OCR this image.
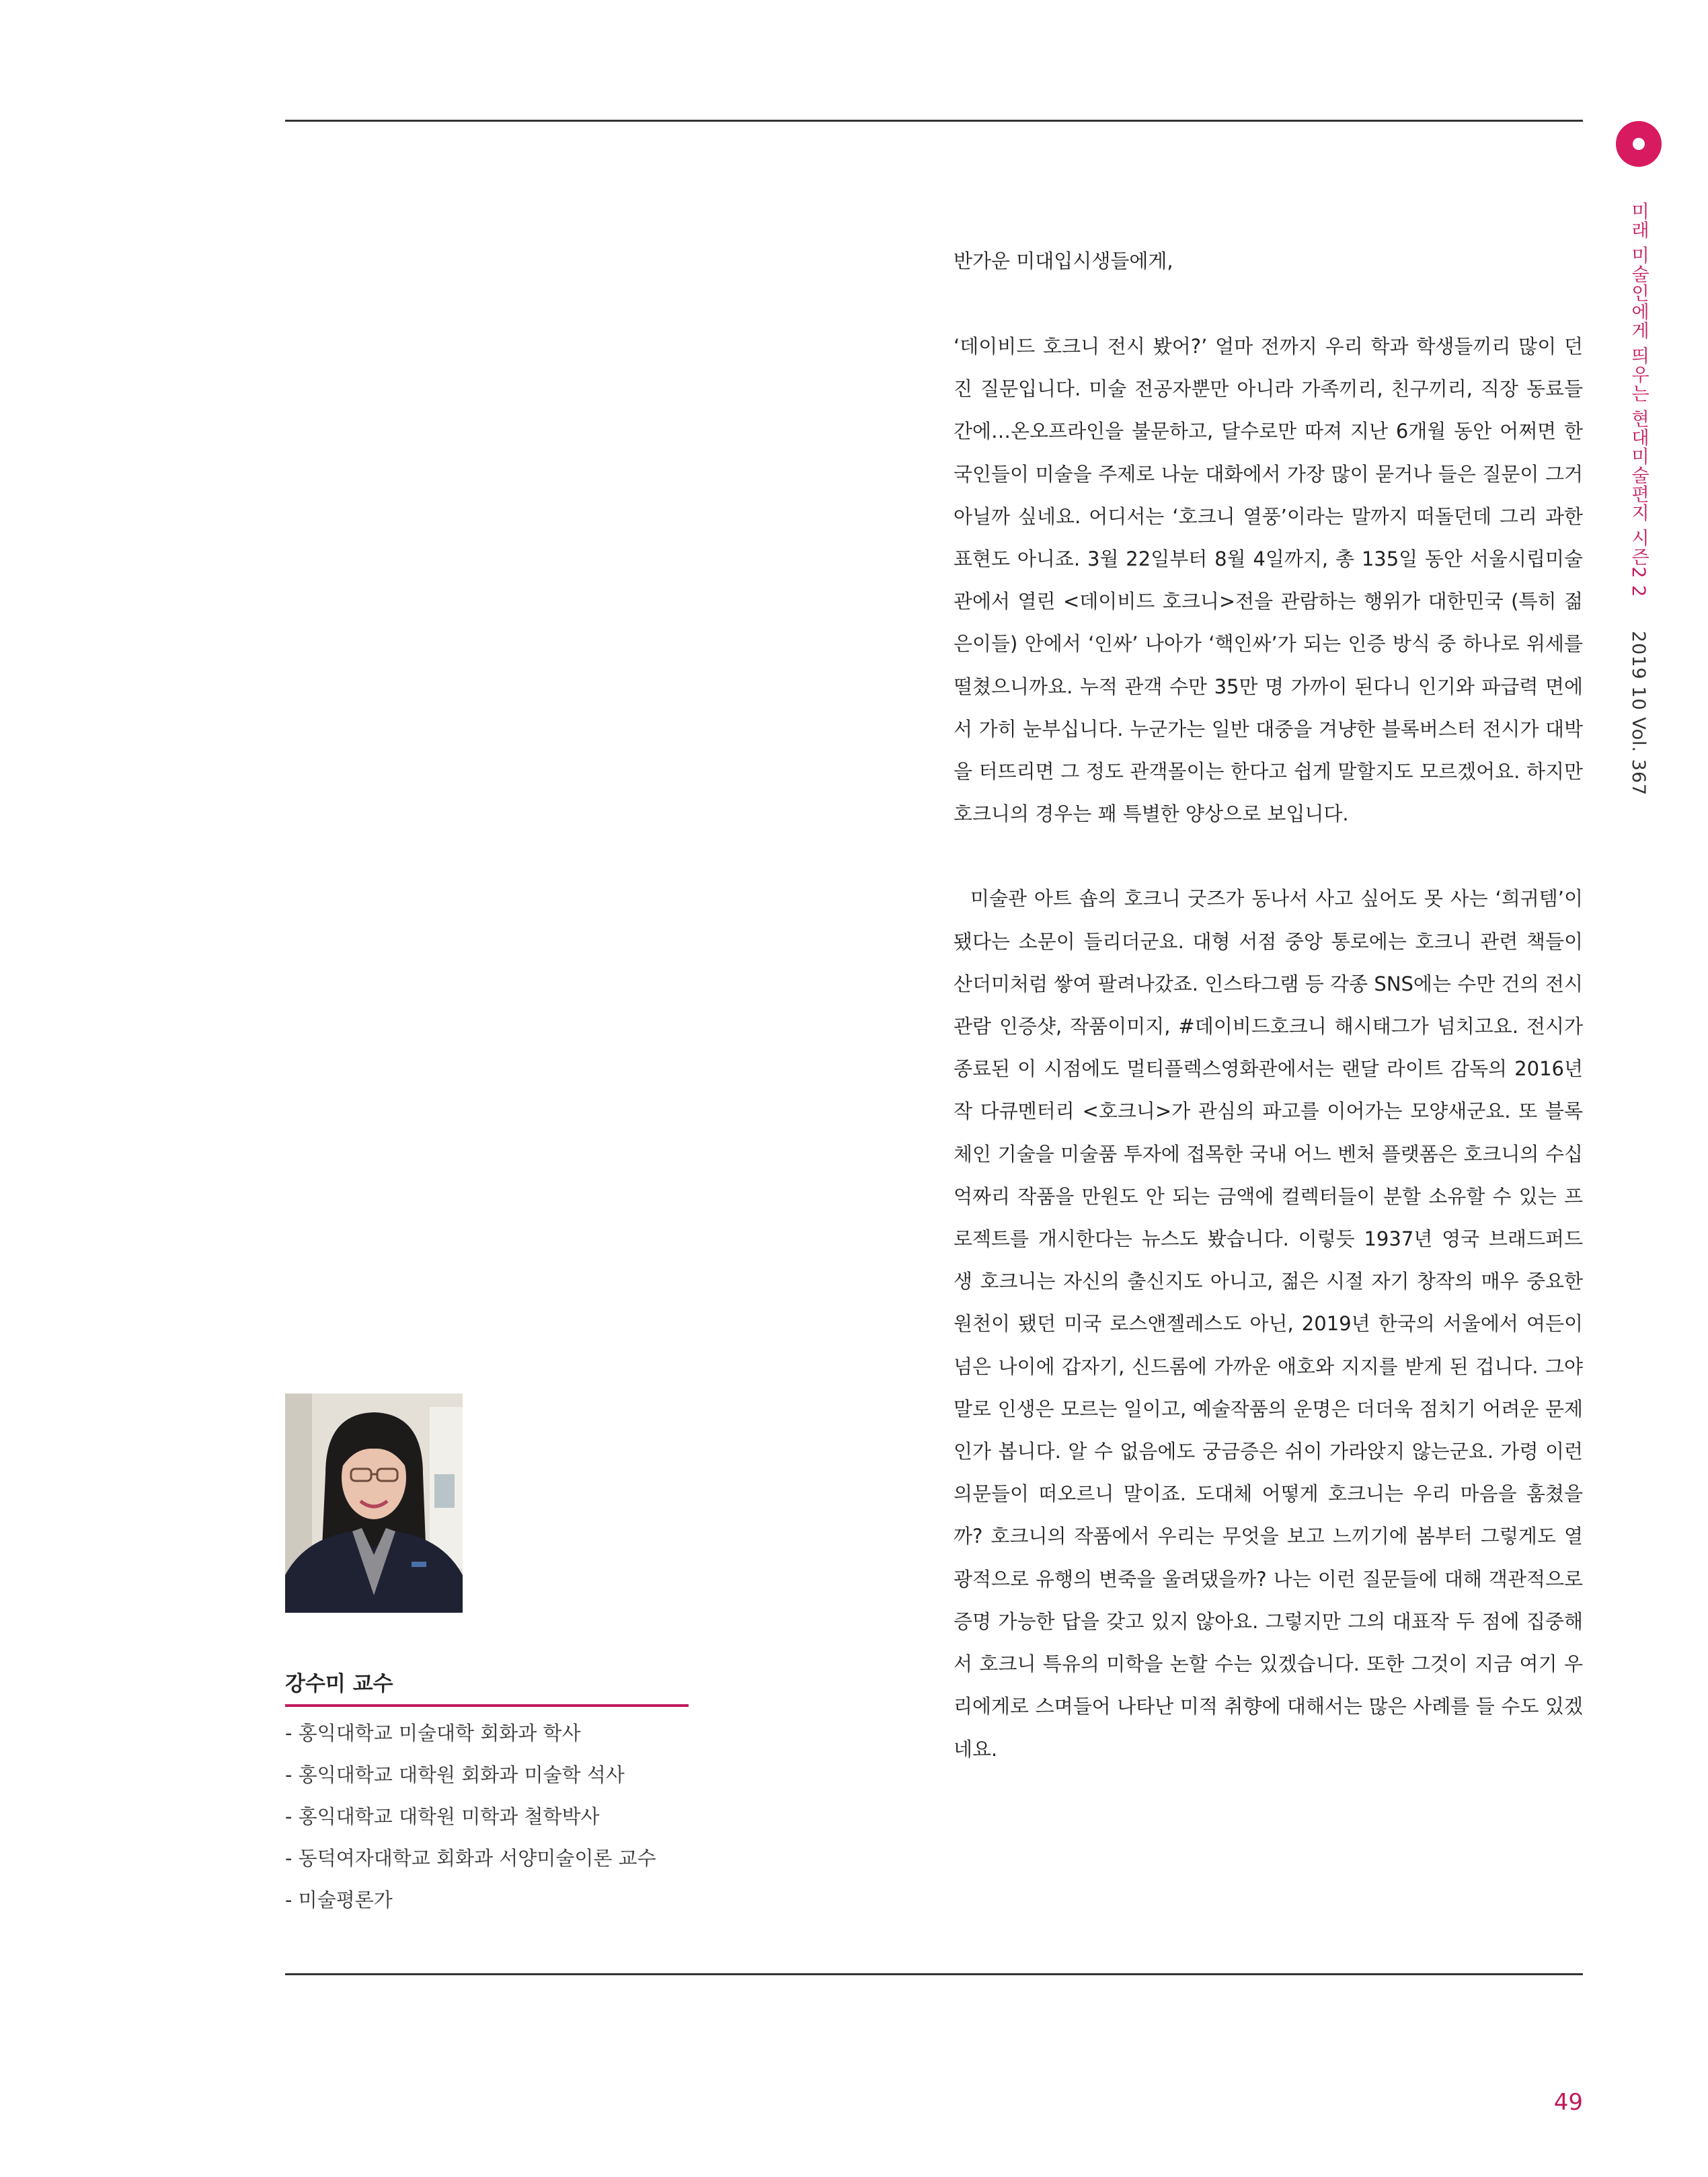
미래 미술인에게 띄우는 현대미술편지 시즌2 2 2019 10 Vol. 367
강수미 교수
- 홍익대학교 미술대학 회화과 학사
- 홍익대학교 대학원 회화과 미술학 석사
- 홍익대학교 대학원 미학과 철학박사
- 동덕여자대학교 회화과 서양미술이론 교수
- 미술평론가

반가운 미대입시생들에게,

‘데이비드 호크니 전시 봤어?’ 얼마 전까지 우리 학과 학생들끼리 많이 던진 질문입니다. 미술 전공자뿐만 아니라 가족끼리, 친구끼리, 직장 동료들 간에…온오프라인을 불문하고, 달수로만 따져 지난 6개월 동안 어쩌면 한국인들이 미술을 주제로 나눈 대화에서 가장 많이 묻거나 들은 질문이 그거 아닐까 싶네요. 어디서는 ‘호크니 열풍’이라는 말까지 떠돌던데 그리 과한 표현도 아니죠. 3월 22일부터 8월 4일까지, 총 135일 동안 서울시립미술관에서 열린 <데이비드 호크니>전을 관람하는 행위가 대한민국 (특히 젊은이들) 안에서 ‘인싸’ 나아가 ‘핵인싸’가 되는 인증 방식 중 하나로 위세를 떨쳤으니까요. 누적 관객 수만 35만 명 가까이 된다니 인기와 파급력 면에서 가히 눈부십니다. 누군가는 일반 대중을 겨냥한 블록버스터 전시가 대박을 터뜨리면 그 정도 관객몰이는 한다고 쉽게 말할지도 모르겠어요. 하지만 호크니의 경우는 꽤 특별한 양상으로 보입니다.

미술관 아트 숍의 호크니 굿즈가 동나서 사고 싶어도 못 사는 ‘희귀템’이 됐다는 소문이 들리더군요. 대형 서점 중앙 통로에는 호크니 관련 책들이 산더미처럼 쌓여 팔려나갔죠. 인스타그램 등 각종 SNS에는 수만 건의 전시관람 인증샷, 작품이미지, #데이비드호크니 해시태그가 넘치고요. 전시가 종료된 이 시점에도 멀티플렉스영화관에서는 랜달 라이트 감독의 2016년 작 다큐멘터리 <호크니>가 관심의 파고를 이어가는 모양새군요. 또 블록체인 기술을 미술품 투자에 접목한 국내 어느 벤처 플랫폼은 호크니의 수십 억짜리 작품을 만원도 안 되는 금액에 컬렉터들이 분할 소유할 수 있는 프로젝트를 개시한다는 뉴스도 봤습니다. 이렇듯 1937년 영국 브래드퍼드 생 호크니는 자신의 출신지도 아니고, 젊은 시절 자기 창작의 매우 중요한 원천이 됐던 미국 로스앤젤레스도 아닌, 2019년 한국의 서울에서 여든이 넘은 나이에 갑자기, 신드롬에 가까운 애호와 지지를 받게 된 겁니다. 그야말로 인생은 모르는 일이고, 예술작품의 운명은 더더욱 점치기 어려운 문제인가 봅니다. 알 수 없음에도 궁금증은 쉬이 가라앉지 않는군요. 가령 이런 의문들이 떠오르니 말이죠. 도대체 어떻게 호크니는 우리 마음을 훔쳤을까? 호크니의 작품에서 우리는 무엇을 보고 느끼기에 봄부터 그렇게도 열광적으로 유행의 변죽을 울려댔을까? 나는 이런 질문들에 대해 객관적으로 증명 가능한 답을 갖고 있지 않아요. 그렇지만 그의 대표작 두 점에 집중해서 호크니 특유의 미학을 논할 수는 있겠습니다. 또한 그것이 지금 여기 우리에게로 스며들어 나타난 미적 취향에 대해서는 많은 사례를 들 수도 있겠네요.

49
